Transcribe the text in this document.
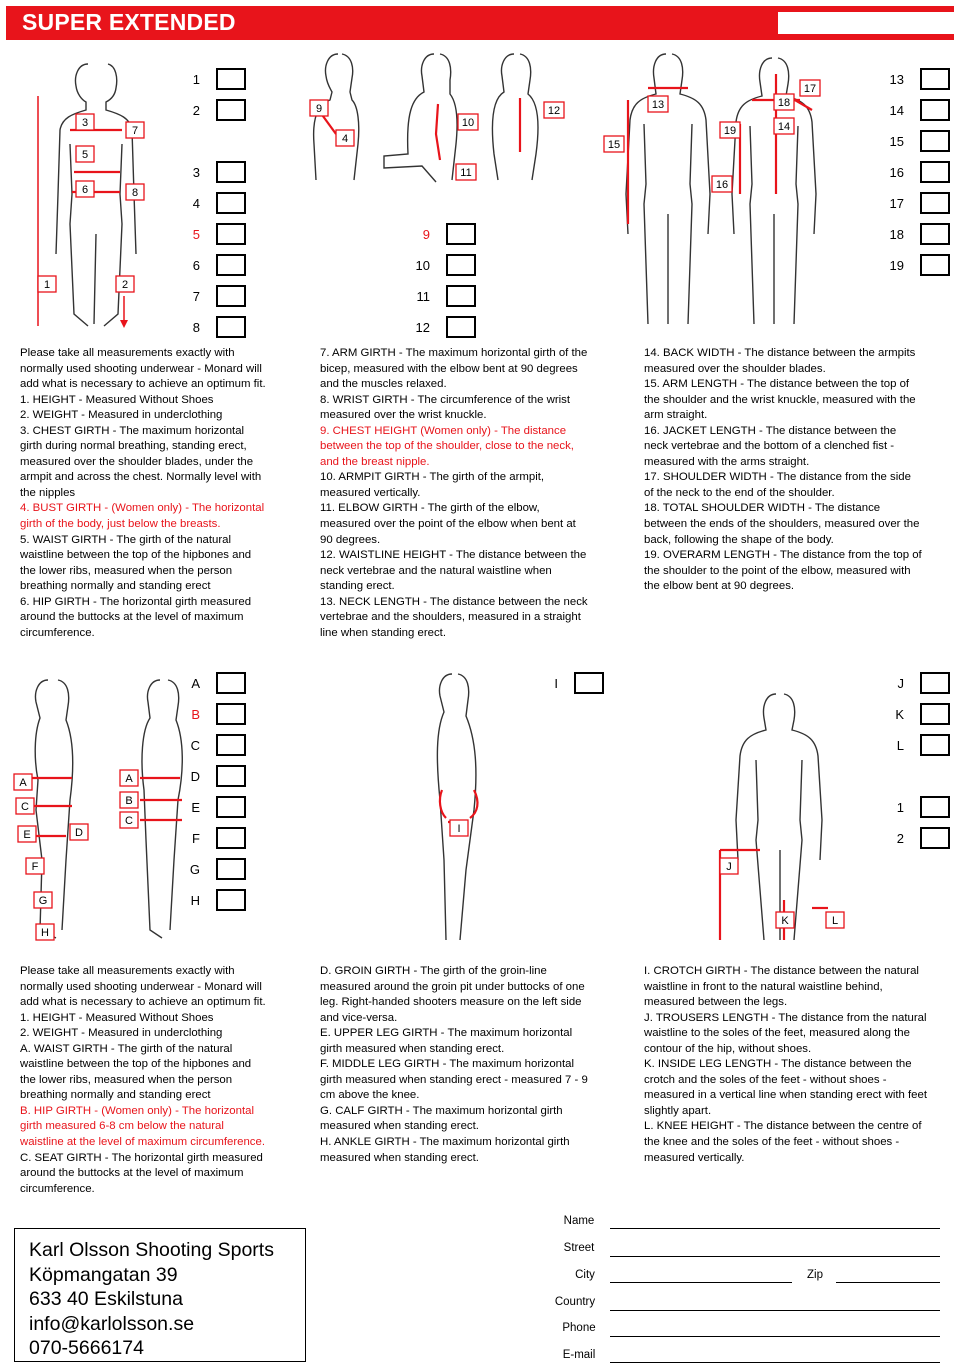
SUPER EXTENDED
1
2
3
4
5
6
7
8
9
10
11
12
13
14
15
16
17
18
19
3
7
5
6	8
1	2
9
4
10
11
12	13
15
17
18
14
19
16
Please take all measurements exactly with
normally used shooting underwear - Monard will
add what is necessary to achieve an optimum fit.
1. HEIGHT - Measured Without Shoes
2. WEIGHT - Measured in underclothing
3. CHEST GIRTH - The maximum horizontal
girth during normal breathing, standing erect,
measured over the shoulder blades, under the
armpit and across the chest. Normally level with
the nipples
4. BUST GIRTH - (Women only) - The horizontal
girth of the body, just below the breasts.
5. WAIST GIRTH - The girth of the natural
waistline between the top of the hipbones and
the lower ribs, measured when the person
breathing normally and standing erect
6. HIP GIRTH - The horizontal girth measured
around the buttocks at the level of maximum
circumference.
7. ARM GIRTH - The maximum horizontal girth of the
bicep, measured with the elbow bent at 90 degrees
and the muscles relaxed.
8. WRIST GIRTH - The circumference of the wrist
measured over the wrist knuckle.
9. CHEST HEIGHT (Women only) - The distance
between the top of the shoulder, close to the neck,
and the breast nipple.
10. ARMPIT GIRTH - The girth of the armpit,
measured vertically.
11. ELBOW GIRTH - The girth of the elbow,
measured over the point of the elbow when bent at
90 degrees.
12. WAISTLINE HEIGHT - The distance between the
neck vertebrae and the natural waistline when
standing erect.
13. NECK LENGTH - The distance between the neck
vertebrae and the shoulders, measured in a straight
line when standing erect.
14. BACK WIDTH - The distance between the armpits
measured over the shoulder blades.
15. ARM LENGTH - The distance between the top of
the shoulder and the wrist knuckle, measured with the
arm straight.
16. JACKET LENGTH - The distance between the
neck vertebrae and the bottom of a clenched fist -
measured with the arms straight.
17. SHOULDER WIDTH - The distance from the side
of the neck to the end of the shoulder.
18. TOTAL SHOULDER WIDTH - The distance
between the ends of the shoulders, measured over the
back, following the shape of the body.
19. OVERARM LENGTH - The distance from the top of
the shoulder to the point of the elbow, measured with
the elbow bent at 90 degrees.
A
B
C
D
E
F
G
H
I	J
K
L
1
2
A
C
E	D
F
G
H
A
B
C
I
J
K	L
Please take all measurements exactly with
normally used shooting underwear - Monard will
add what is necessary to achieve an optimum fit.
1. HEIGHT - Measured Without Shoes
2. WEIGHT - Measured in underclothing
A. WAIST GIRTH - The girth of the natural
waistline between the top of the hipbones and
the lower ribs, measured when the person
breathing normally and standing erect
B. HIP GIRTH - (Women only) - The horizontal
girth measured 6-8 cm below the natural
waistline at the level of maximum circumference.
C. SEAT GIRTH - The horizontal girth measured
around the buttocks at the level of maximum
circumference.
D. GROIN GIRTH - The girth of the groin-line
measured around the groin pit under buttocks of one
leg. Right-handed shooters measure on the left side
and vice-versa.
E. UPPER LEG GIRTH - The maximum horizontal
girth measured when standing erect.
F. MIDDLE LEG GIRTH - The maximum horizontal
girth measured when standing erect - measured 7 - 9
cm above the knee.
G. CALF GIRTH - The maximum horizontal girth
measured when standing erect.
H. ANKLE GIRTH - The maximum horizontal girth
measured when standing erect.
I. CROTCH GIRTH - The distance between the natural
waistline in front to the natural waistline behind,
measured between the legs.
J. TROUSERS LENGTH - The distance from the natural
waistline to the soles of the feet, measured along the
contour of the hip, without shoes.
K. INSIDE LEG LENGTH - The distance between the
crotch and the soles of the feet - without shoes -
measured in a vertical line when standing erect with feet
slightly apart.
L. KNEE HEIGHT - The distance between the centre of
the knee and the soles of the feet - without shoes -
measured vertically.
Karl Olsson Shooting Sports
Köpmangatan 39
633 40 Eskilstuna
info@karlolsson.se
070-5666174
Name
Street
City	Zip
Country
Phone
E-mail
